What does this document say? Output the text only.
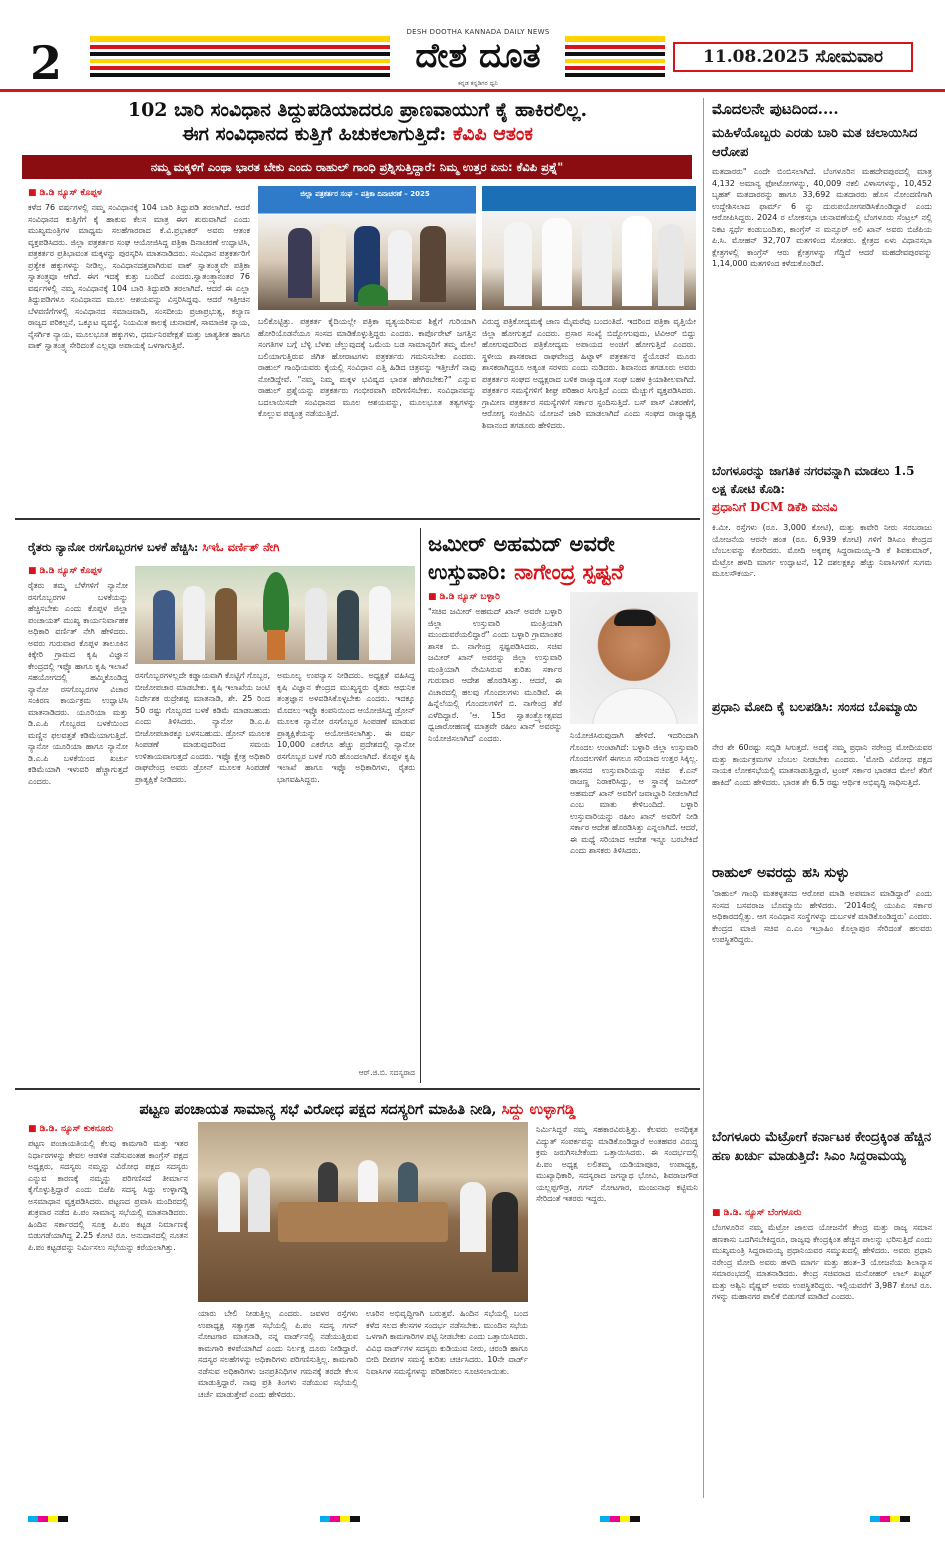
2
DESH DOOTHA KANNADA DAILY NEWS
ದೇಶ ದೂತ
ಕನ್ನಡ ಕನ್ನಡಿಗರ ಧ್ವನಿ
11.08.2025 ಸೋಮವಾರ
102 ಬಾರಿ ಸಂವಿಧಾನ ತಿದ್ದುಪಡಿಯಾದರೂ ಪ್ರಾಣವಾಯುಗೆ ಕೈ ಹಾಕಿರಲಿಲ್ಲ.
ಈಗ ಸಂವಿಧಾನದ ಕುತ್ತಿಗೆ ಹಿಚುಕಲಾಗುತ್ತಿದೆ: ಕೆವಿಪಿ ಆತಂಕ
ನಮ್ಮ ಮಕ್ಕಳಿಗೆ ಎಂಥಾ ಭಾರತ ಬೇಕು ಎಂದು ರಾಹುಲ್ ಗಾಂಧಿ ಪ್ರಶ್ನಿಸುತ್ತಿದ್ದಾರೆ: ನಿಮ್ಮ ಉತ್ತರ ಏನು: ಕೆವಿಪಿ ಪ್ರಶ್ನೆ"
■ ಡಿ.ಡಿ ನ್ಯೂಸ್ ಕೊಪ್ಪಳ
ಕಳೆದ 76 ವರ್ಷಗಳಲ್ಲಿ ನಮ್ಮ ಸಂವಿಧಾನಕ್ಕೆ 104 ಬಾರಿ ತಿದ್ದುಪಡಿ ತರಲಾಗಿದೆ. ಆದರೆ ಸಂವಿಧಾನದ ಕುತ್ತಿಗೆಗೆ ಕೈ ಹಾಕುವ ಕೆಲಸ ಮಾತ್ರ ಈಗ ಶುರುವಾಗಿದೆ ಎಂದು ಮುಖ್ಯಮಂತ್ರಿಗಳ ಮಾಧ್ಯಮ ಸಲಹೆಗಾರರಾದ ಕೆ.ವಿ.ಪ್ರಭಾಕರ್ ಅವರು ಆತಂಕ ವ್ಯಕ್ತಪಡಿಸಿದರು. ಜಿಲ್ಲಾ ಪತ್ರಕರ್ತರ ಸಂಘ ಆಯೋಜಿಸಿದ್ದ ಪತ್ರಿಕಾ ದಿನಾಚರಣೆ ಉದ್ಘಾಟಿಸಿ, ಪತ್ರಕರ್ತರ ಪ್ರತಿಭಾವಂತ ಮಕ್ಕಳನ್ನು ಪುರಸ್ಕರಿಸಿ ಮಾತನಾಡಿದರು. ಸಂವಿಧಾನ ಪತ್ರಕರ್ತರಿಗೆ ಪ್ರತ್ಯೇಕ ಹಕ್ಕುಗಳನ್ನು ನೀಡಿಲ್ಲ. ಸಂವಿಧಾನದತ್ತವಾಗಿರುವ ವಾಕ್ ಸ್ವಾತಂತ್ರ್ಯವೇ ಪತ್ರಿಕಾ ಸ್ವಾತಂತ್ರ್ಯವೂ ಆಗಿದೆ. ಈಗ ಇದಕ್ಕೆ ಕುತ್ತು ಬಂದಿದೆ ಎಂದರು.ಸ್ವಾತಂತ್ರ್ಯಾನಂತರ 76 ವರ್ಷಗಳಲ್ಲಿ ನಮ್ಮ ಸಂವಿಧಾನಕ್ಕೆ 104 ಬಾರಿ ತಿದ್ದುಪಡಿ ತರಲಾಗಿದೆ. ಆದರೆ ಈ ಎಲ್ಲಾ ತಿದ್ದುಪಡಿಗಳೂ ಸಂವಿಧಾನದ ಮೂಲ ಆಶಯವನ್ನು ವಿಸ್ತರಿಸಿದ್ದವು. ಆದರೆ ಇತ್ತೀಚಿನ ಬೆಳವಣಿಗೆಗಳಲ್ಲಿ ಸಂವಿಧಾನದ ಸಮಾಜವಾದಿ, ಸಂಸದೀಯ ಪ್ರಜಾಪ್ರಭುತ್ವ, ಕಲ್ಯಾಣ ರಾಜ್ಯದ ಪರಿಕಲ್ಪನೆ, ಒಕ್ಕೂಟ ವ್ಯವಸ್ಥೆ, ನಿಯಮಿತ ಕಾಲಕ್ಕೆ ಚುನಾವಣೆ, ಸಾಮಾಜಿಕ ನ್ಯಾಯ, ನೈಸರ್ಗಿಕ ನ್ಯಾಯ, ಮೂಲಭೂತ ಹಕ್ಕುಗಳು, ಧರ್ಮನಿರಪೇಕ್ಷತೆ ಮತ್ತು ಜಾತ್ಯತೀತ ಹಾಗೂ ವಾಕ್ ಸ್ವಾತಂತ್ರ್ಯ ಸೇರಿದಂತೆ ಎಲ್ಲವೂ ಅಪಾಯಕ್ಕೆ ಒಳಗಾಗುತ್ತಿವೆ.
ಜಿಲ್ಲಾ ಪತ್ರಕರ್ತರ ಸಂಘ – ಪತ್ರಿಕಾ ದಿನಾಚರಣೆ – 2025
ಬಲಿಕೊಟ್ಟಿತ್ತು. ಪತ್ರಕರ್ತ ಕೈದಿಯಲ್ಲೇ ಪತ್ರಿಕಾ ವ್ಯತ್ಯಯರಿಸುವ ಶಿಕ್ಷೆಗೆ ಗುರಿಯಾಗಿ ಹೋರಿಯೊಡನೆಯೂ ಸಂಸದ ಮಾಡಿಕೊಳ್ಳುತ್ತಿದ್ದರು ಎಂದರು. ಕಾರ್ಪೊರೇಟ್ ಜಗತ್ತಿನ ಸಂಗತಿಗಳ ಬಗ್ಗೆ ಬೆಳ್ಳಿ ಬೆಳಕು ಚೆಲ್ಲುವುದಕ್ಕೆ ಒಮೆಯ ಬಡ ಸಾಮಾನ್ಯರಿಗೆ ತಮ್ಮ ಮೇಲೆ ಬಲಿಯಾಗುತ್ತಿರುವ ಜಿಗಿತ ಹೋರಾಟಗಳು ಪತ್ರಕರ್ತರು ಗಮನಿಸಬೇಕು ಎಂದರು. ರಾಹುಲ್ ಗಾಂಧಿಯವರು ಕೈಯಲ್ಲಿ ಸಂವಿಧಾನ ಎತ್ತಿ ಹಿಡಿದ ಚಿತ್ರವನ್ನು ಇತ್ತೀಚೆಗೆ ನಾವು ನೋಡಿದ್ದೇವೆ. "ನಮ್ಮ ನಿಮ್ಮ ಮಕ್ಕಳ ಭವಿಷ್ಯದ ಭಾರತ ಹೇಗಿರಬೇಕು?" ಎನ್ನುವ ರಾಹುಲ್ ಪ್ರಶ್ನೆಯನ್ನು ಪತ್ರಕರ್ತರು ಗಂಭೀರವಾಗಿ ಪರಿಗಣಿಸಬೇಕು. ಸಂವಿಧಾನವನ್ನು ಬದಲಾಯಿಸದೇ ಸಂವಿಧಾನದ ಮೂಲ ಆಶಯವನ್ನು, ಮೂಲಭೂತ ತತ್ವಗಳನ್ನು ಕೊಲ್ಲುವ ಪಡ್ಯಂತ್ರ ನಡೆಯುತ್ತಿದೆ.
ವಿರುದ್ಧ ಪತ್ರಿಕೋದ್ಯಮಕ್ಕೆ ಜಾಣ ಮೈಮರೆವು ಬಂದಂತಿದೆ. ಇದರಿಂದ ಪತ್ರಿಕಾ ವೃತ್ತಿಯೇ ಜಿಲ್ಲಾ ಹೋಗುತ್ತದೆ ಎಂದರು. ಪ್ರಸಾರ ಸಂಖ್ಯೆ ಬಿದ್ದೋಗುವುದು, ಟಿವಿಆರ್ ಬಿದ್ದು ಹೋಗುವುದರಿಂದ ಪತ್ರಿಕೋದ್ಯಮ ಅಪಾಯದ ಅಂಚಿಗೆ ಹೋಗುತ್ತಿದೆ ಎಂದರು. ಸ್ಥಳೀಯ ಶಾಸಕರಾದ ರಾಘವೇಂದ್ರ ಹಿಟ್ನಾಳ್ ಪತ್ರಕರ್ತರ ಸ್ಥೆಯೊಡನೆ ಮೂರು ಶಾಸಕರಾಗಿದ್ದರೂ ಅತ್ಯಂತ ಸರಳರು ಎಂದು ನುಡಿದರು. ಶಿವಾನಂದ ತಗಡೂರು ಅವರು ಪತ್ರಕರ್ತರ ಸಂಘದ ಅಧ್ಯಕ್ಷರಾದ ಬಳಿಕ ರಾಜ್ಯಾದ್ಯಂತ ಸಂಘ ಬಹಳ ಕ್ರಿಯಾಶೀಲವಾಗಿದೆ. ಪತ್ರಕರ್ತರ ಸಮಸ್ಯೆಗಳಿಗೆ ಶೀಘ್ರ ಪರಿಹಾರ ಸಿಗುತ್ತಿದೆ ಎಂದು ಮೆಚ್ಚುಗೆ ವ್ಯಕ್ತಪಡಿಸಿದರು. ಗ್ರಾಮೀಣ ಪತ್ರಕರ್ತರ ಸಮಸ್ಯೆಗಳಿಗೆ ಸರ್ಕಾರ ಸ್ಪಂದಿಸುತ್ತಿದೆ. ಬಸ್ ಪಾಸ್ ವಿತರಣೆಗೆ, ಆರೋಗ್ಯ ಸಂಜೀವಿನಿ ಯೋಜನೆ ಜಾರಿ ಮಾಡಲಾಗಿದೆ ಎಂದು ಸಂಘದ ರಾಜ್ಯಾಧ್ಯಕ್ಷ ಶಿವಾನಂದ ತಗಡೂರು ಹೇಳಿದರು.
ರೈತರು ನ್ಯಾನೋ ರಸಗೊಬ್ಬರಗಳ ಬಳಕೆ ಹೆಚ್ಚಿಸಿ: ಸಿಇಓ ವರ್ಣಿತ್ ನೇಗಿ
■ ಡಿ.ಡಿ ನ್ಯೂಸ್ ಕೊಪ್ಪಳ
ರೈತರು ತಮ್ಮ ಬೆಳೆಗಳಿಗೆ ನ್ಯಾನೋ ರಸಗೊಬ್ಬರಗಳ ಬಳಕೆಯನ್ನು ಹೆಚ್ಚಿಸಬೇಕು ಎಂದು ಕೊಪ್ಪಳ ಜಿಲ್ಲಾ ಪಂಚಾಯತ್ ಮುಖ್ಯ ಕಾರ್ಯನಿರ್ವಾಹಕ ಅಧಿಕಾರಿ ವರ್ಣಿತ್ ನೇಗಿ ಹೇಳಿದರು. ಅವರು ಗುರುವಾರ ಕೊಪ್ಪಳ ತಾಲೂಕಿನ ಕಿಕ್ಕೇರಿ ಗ್ರಾಮದ ಕೃಷಿ ವಿಜ್ಞಾನ ಕೇಂದ್ರದಲ್ಲಿ ಇಫ್ಕೊ ಹಾಗೂ ಕೃಷಿ ಇಲಾಖೆ ಸಹಯೋಗದಲ್ಲಿ ಹಮ್ಮಿಕೊಂಡಿದ್ದ ನ್ಯಾನೋ ರಸಗೊಬ್ಬರಗಳ ವಿಚಾರ ಸಂಕಿರಣ ಕಾರ್ಯಕ್ರಮ ಉದ್ಘಾಟಿಸಿ ಮಾತನಾಡಿದರು. ಯೂರಿಯಾ ಮತ್ತು ಡಿ.ಎ.ಪಿ ಗೊಬ್ಬರದ ಬಳಕೆಯಿಂದ ಮಣ್ಣಿನ ಫಲವತ್ತತೆ ಕಡಿಮೆಯಾಗುತ್ತಿದೆ. ನ್ಯಾನೋ ಯೂರಿಯಾ ಹಾಗೂ ನ್ಯಾನೋ ಡಿ.ಎ.ಪಿ ಬಳಕೆಯಿಂದ ಖರ್ಚು ಕಡಿಮೆಯಾಗಿ ಇಳುವರಿ ಹೆಚ್ಚಾಗುತ್ತದೆ ಎಂದರು.
ರಸಗೊಬ್ಬರಗಳಲ್ಲದೇ ಕಡ್ಡಾಯವಾಗಿ ಕೊಟ್ಟಿಗೆ ಗೊಬ್ಬರ, ಬೀಜೋಪಚಾರ ಮಾಡಬೇಕು. ಕೃಷಿ ಇಲಾಖೆಯ ಜಂಟಿ ನಿರ್ದೇಶಕ ರುದ್ರೇಶಪ್ಪ ಮಾತನಾಡಿ, ಶೇ. 25 ರಿಂದ 50 ರಷ್ಟು ಗೊಬ್ಬರದ ಬಳಕೆ ಕಡಿಮೆ ಮಾಡಬಹುದು ಎಂದು ತಿಳಿಸಿದರು. ನ್ಯಾನೋ ಡಿ.ಎ.ಪಿ ಬೀಜೋಪಚಾರಕ್ಕೂ ಬಳಸಬಹುದು. ಡ್ರೋನ್ ಮೂಲಕ ಸಿಂಪಡಣೆ ಮಾಡುವುದರಿಂದ ಸಮಯ ಉಳಿತಾಯವಾಗುತ್ತದೆ ಎಂದರು. ಇಫ್ಕೊ ಕ್ಷೇತ್ರ ಅಧಿಕಾರಿ ರಾಘವೇಂದ್ರ ಅವರು ಡ್ರೋನ್ ಮೂಲಕ ಸಿಂಪಡಣೆ ಪ್ರಾತ್ಯಕ್ಷಿಕೆ ನೀಡಿದರು.
ಅಮೂಲ್ಯ ಉಪನ್ಯಾಸ ನೀಡಿದರು. ಅಧ್ಯಕ್ಷತೆ ವಹಿಸಿದ್ದ ಕೃಷಿ ವಿಜ್ಞಾನ ಕೇಂದ್ರದ ಮುಖ್ಯಸ್ಥರು ರೈತರು ಆಧುನಿಕ ತಂತ್ರಜ್ಞಾನ ಅಳವಡಿಸಿಕೊಳ್ಳಬೇಕು ಎಂದರು. ಇದಕ್ಕೂ ಮೊದಲು ಇಫ್ಕೊ ಕಂಪನಿಯಿಂದ ಆಯೋಜಿಸಿದ್ದ ಡ್ರೋನ್ ಮೂಲಕ ನ್ಯಾನೋ ರಸಗೊಬ್ಬರ ಸಿಂಪಡಣೆ ಮಾಡುವ ಪ್ರಾತ್ಯಕ್ಷಿಕೆಯನ್ನು ಆಯೋಜಿಸಲಾಗಿತ್ತು. ಈ ವರ್ಷ 10,000 ಎಕರೆಗೂ ಹೆಚ್ಚು ಪ್ರದೇಶದಲ್ಲಿ ನ್ಯಾನೋ ರಸಗೊಬ್ಬರ ಬಳಕೆ ಗುರಿ ಹೊಂದಲಾಗಿದೆ. ಕೊಪ್ಪಳ ಕೃಷಿ ಇಲಾಖೆ ಹಾಗೂ ಇಫ್ಕೊ ಅಧಿಕಾರಿಗಳು, ರೈತರು ಭಾಗವಹಿಸಿದ್ದರು.
ಆರ್.ಜಿ.ಬಿ. ಸದಸ್ಯರಾದ
ಜಮೀರ್ ಅಹಮದ್ ಅವರೇ
ಉಸ್ತುವಾರಿ: ನಾಗೇಂದ್ರ ಸ್ಪಷ್ಟನೆ
■ ಡಿ.ಡಿ ನ್ಯೂಸ್ ಬಳ್ಳಾರಿ
"ಸಚಿವ ಜಮೀರ್ ಅಹಮದ್ ಖಾನ್ ಅವರೇ ಬಳ್ಳಾರಿ ಜಿಲ್ಲಾ ಉಸ್ತುವಾರಿ ಮಂತ್ರಿಯಾಗಿ ಮುಂದುವರೆಯಲಿದ್ದಾರೆ" ಎಂದು ಬಳ್ಳಾರಿ ಗ್ರಾಮಾಂತರ ಶಾಸಕ ಬಿ. ನಾಗೇಂದ್ರ ಸ್ಪಷ್ಟಪಡಿಸಿದರು. ಸಚಿವ ಜಮೀರ್ ಖಾನ್ ಅವರನ್ನು ಜಿಲ್ಲಾ ಉಸ್ತುವಾರಿ ಮಂತ್ರಿಯಾಗಿ ನೇಮಿಸಿರುವ ಕುರಿತು ಸರ್ಕಾರ ಗುರುವಾರ ಆದೇಶ ಹೊರಡಿಸಿತ್ತು. ಆದರೆ, ಈ ವಿಚಾರದಲ್ಲಿ ಹಲವು ಗೊಂದಲಗಳು ಮೂಡಿವೆ. ಈ ಹಿನ್ನೆಲೆಯಲ್ಲಿ ಗೊಂದಲಗಳಿಗೆ ಬಿ. ನಾಗೇಂದ್ರ ತೆರೆ ಎಳೆದಿದ್ದಾರೆ. 'ಆ. 15ರ ಸ್ವಾತಂತ್ರ್ಯೋತ್ಸವದ ಧ್ವಜಾರೋಹಣಕ್ಕೆ ಮಾತ್ರವೇ ರಹೀಂ ಖಾನ್ ಅವರನ್ನು ನಿಯೋಜಿಸಲಾಗಿದೆ' ಎಂದರು.	ನಿಯೋಜಿಸಿರುವುದಾಗಿ ಹೇಳಿದೆ. ಇದರಿಂದಾಗಿ ಗೊಂದಲ ಉಂಟಾಗಿದೆ: ಬಳ್ಳಾರಿ ಜಿಲ್ಲಾ ಉಸ್ತುವಾರಿ ಗೊಂದಲಗಳಿಗೆ ಈಗಲೂ ಸರಿಯಾದ ಉತ್ತರ ಸಿಕ್ಕಿಲ್ಲ. ಹಾಸನದ ಉಸ್ತುವಾರಿಯನ್ನು ಸಚಿವ ಕೆ.ಎನ್ ರಾಜಣ್ಣ ನಿರಾಕರಿಸಿದ್ದು, ಆ ಸ್ಥಾನಕ್ಕೆ ಜಮೀರ್ ಅಹಮದ್ ಖಾನ್ ಅವರಿಗೆ ಜವಾಬ್ದಾರಿ ನೀಡಲಾಗಿದೆ ಎಂಬ ಮಾತು ಕೇಳಿಬಂದಿದೆ. ಬಳ್ಳಾರಿ ಉಸ್ತುವಾರಿಯನ್ನು ರಹೀಂ ಖಾನ್ ಅವರಿಗೆ ನೀಡಿ ಸರ್ಕಾರ ಆದೇಶ ಹೊರಡಿಸಿತ್ತು ಎನ್ನಲಾಗಿದೆ. ಆದರೆ, ಈ ಮಧ್ಯೆ ಸರಿಯಾದ ಆದೇಶ ಇನ್ನೂ ಬರಬೇಕಿದೆ ಎಂದು ಶಾಸಕರು ತಿಳಿಸಿದರು.
ಪಟ್ಟಣ ಪಂಚಾಯತ ಸಾಮಾನ್ಯ ಸಭೆ ವಿರೋಧ ಪಕ್ಷದ ಸದಸ್ಯರಿಗೆ ಮಾಹಿತಿ ನೀಡಿ, ಸಿದ್ದು ಉಳ್ಳಾಗಡ್ಡಿ
■ ಡಿ.ಡಿ. ನ್ಯೂಸ್ ಕುಕನೂರು
ಪಟ್ಟಣ ಪಂಚಾಯತಿಯಲ್ಲಿ ಕೆಲವು ಕಾಮಗಾರಿ ಮತ್ತು ಇತರ ನಿರ್ಧಾರಗಳನ್ನು ಕೇವಲ ಆಡಳಿತ ನಡೆಸುವಂತಹ ಕಾಂಗ್ರೆಸ್ ಪಕ್ಷದ ಅಧ್ಯಕ್ಷರು, ಸದಸ್ಯರು ನಮ್ಮನ್ನು ವಿರೋಧ ಪಕ್ಷದ ಸದಸ್ಯರು ಎನ್ನುವ ಕಾರಣಕ್ಕೆ ನಮ್ಮನ್ನು ಪರಿಗಣಿಸದೆ ತೀರ್ಮಾನ ಕೈಗೊಳ್ಳುತ್ತಿದ್ದಾರೆ ಎಂದು ಬಿಜೆಪಿ ಸದಸ್ಯ ಸಿದ್ದು ಉಳ್ಳಾಗಡ್ಡಿ ಅಸಮಾಧಾನ ವ್ಯಕ್ತಪಡಿಸಿದರು. ಪಟ್ಟಣದ ಪ್ರವಾಸಿ ಮಂದಿರದಲ್ಲಿ ಶುಕ್ರವಾರ ನಡೆದ ಪಿ.ಪಂ ಸಾಮಾನ್ಯ ಸಭೆಯಲ್ಲಿ ಮಾತನಾಡಿದರು. ಹಿಂದಿನ ಸರ್ಕಾರದಲ್ಲಿ ಸೂಕ್ತ ಪಿ.ಪಂ ಕಟ್ಟಡ ನಿರ್ಮಾಣಕ್ಕೆ ಬಿಡುಗಡೆಯಾಗಿದ್ದ 2.25 ಕೋಟಿ ರೂ. ಅನುದಾನದಲ್ಲಿ ನೂತನ ಪಿ.ಪಂ ಕಟ್ಟಡವನ್ನು ನಿರ್ಮಿಸಲು ಸಭೆಯನ್ನು ಕರೆಯಲಾಗಿತ್ತು.
ಯಾರು ಬೇಲಿ ನೀಡುತ್ತಿಲ್ಲ ಎಂದರು. ಜವಳರ ರಸ್ತೆಗಳು ಉಪಾಧ್ಯಕ್ಷ ಸತ್ಯಾಗ್ರಹ ಸಭೆಯಲ್ಲಿ ಪಿ.ಪಂ ಸದಸ್ಯ ಗಗನ್ ನೋಟಗಾರ ಮಾತನಾಡಿ, ನನ್ನ ವಾರ್ಡ್‌ನಲ್ಲಿ ನಡೆಯುತ್ತಿರುವ ಕಾಮಗಾರಿ ಕಳಪೆಯಾಗಿದೆ ಎಂದು ನಿರ್ಲಕ್ಷ ದೂರು ನೀಡಿದ್ದಾರೆ. ಸದಸ್ಯರ ಸಲಹೆಗಳನ್ನು ಅಧಿಕಾರಿಗಳು ಪರಿಗಣಿಸುತ್ತಿಲ್ಲ. ಕಾಮಗಾರಿ ನಡೆಸುವ ಅಧಿಕಾರಿಗಳು ಜನಪ್ರತಿನಿಧಿಗಳ ಗಮನಕ್ಕೆ ತರದೇ ಕೆಲಸ ಮಾಡುತ್ತಿದ್ದಾರೆ. ನಾವು ಪ್ರತಿ ತಿಂಗಳು ನಡೆಯುವ ಸಭೆಯಲ್ಲಿ ಚರ್ಚೆ ಮಾಡುತ್ತೇವೆ ಎಂದು ಹೇಳಿದರು.
ಊರಿನ ಅಭಿವೃದ್ಧಿಗಾಗಿ ಬರುತ್ತವೆ. ಹಿಂದಿನ ಸಭೆಯಲ್ಲಿ ಬಂದ ಕಳೆದ ಸಲದ ಕೆಲಸಗಳ ಸಂದರ್ಭ ನಡೆಸಬೇಕು. ಮುಂದಿನ ಸಭೆಯ ಒಳಗಾಗಿ ಕಾಮಗಾರಿಗಳ ಪಟ್ಟಿ ನೀಡಬೇಕು ಎಂದು ಒತ್ತಾಯಿಸಿದರು. ವಿವಿಧ ವಾರ್ಡ್‌ಗಳ ಸದಸ್ಯರು ಕುಡಿಯುವ ನೀರು, ಚರಂಡಿ ಹಾಗೂ ಬೀದಿ ದೀಪಗಳ ಸಮಸ್ಯೆ ಕುರಿತು ಚರ್ಚಿಸಿದರು. 10ನೇ ವಾರ್ಡ್ ನಿವಾಸಿಗಳ ಸಮಸ್ಯೆಗಳನ್ನು ಪರಿಹರಿಸಲು ಸೂಚಿಸಲಾಯಿತು.
ನಿರ್ಮಿಸಿದ್ದರೆ ನಮ್ಮ ಸಹಕಾರವಿರುತ್ತಿತ್ತು. ಕೆಲವರು ಅನಧಿಕೃತ ವಿದ್ಯುತ್ ಸಂಪರ್ಕವನ್ನು ಮಾಡಿಕೊಂಡಿದ್ದಾರೆ ಅಂತಹವರ ವಿರುದ್ಧ ಕ್ರಮ ಜರುಗಿಸಬೇಕೆಂದು ಒತ್ತಾಯಿಸಿದರು. ಈ ಸಂದರ್ಭದಲ್ಲಿ ಪಿ.ಪಂ ಅಧ್ಯಕ್ಷ ಲಲಿತಮ್ಮ ಯಡಿಯಾಪೂರ, ಉಪಾಧ್ಯಕ್ಷ, ಮುಖ್ಯಾಧಿಕಾರಿ, ಸದಸ್ಯರಾದ ಜಗನ್ನಾಥ ಭೋವಿ, ಶಿವರಾಜಗೌಡ ಯಲ್ಲಪ್ಪಗೌಡ್ರ, ಗಗನ್ ನೋಟಗಾರ, ಮಂಜುನಾಥ ಕಟ್ಟಿಮನಿ ಸೇರಿದಂತೆ ಇತರರು ಇದ್ದರು.
ಮೊದಲನೇ ಪುಟದಿಂದ....
ಮಹಿಳೆಯೊಬ್ಬರು ಎರಡು ಬಾರಿ ಮತ ಚಲಾಯಿಸಿದ ಆರೋಪ
ಮತದಾರರು" ಎಂದೇ ಬಿಂಬಿಸಲಾಗಿದೆ. ಬೆಂಗಳೂರಿನ ಮಹದೇವಪುರದಲ್ಲಿ ಮಾತ್ರ 4,132 ಅಮಾನ್ಯ ಫೋಟೋಗಳನ್ನು, 40,009 ನಕಲಿ ವಿಳಾಸಗಳನ್ನು, 10,452 ಬೃಹತ್ ಮತದಾರರನ್ನು ಹಾಗೂ 33,692 ಮತದಾರರು ಹೊಸ ನೋಂದಣಿಗಾಗಿ ಉದ್ದೇಶಿಸಲಾದ ಫಾರ್ಮ್ 6 ನ್ನು ದುರುಪಯೋಗಪಡಿಸಿಕೊಂಡಿದ್ದಾರೆ ಎಂದು ಆರೋಪಿಸಿದ್ದರು. 2024 ರ ಲೋಕಸಭಾ ಚುನಾವಣೆಯಲ್ಲಿ ಬೆಂಗಳೂರು ಸೆಂಟ್ರಲ್ ನಲ್ಲಿ ನಿಕಟ ಸ್ಪರ್ಧೆ ಕಂಡುಬಂದಿತು, ಕಾಂಗ್ರೆಸ್ ನ ಮನ್ಸೂರ್ ಅಲಿ ಖಾನ್ ಅವರು ಬಿಜೆಪಿಯ ಪಿ.ಸಿ. ಮೋಹನ್ 32,707 ಮತಗಳಿಂದ ಸೋತರು. ಕ್ಷೇತ್ರದ ಏಳು ವಿಧಾನಸಭಾ ಕ್ಷೇತ್ರಗಳಲ್ಲಿ ಕಾಂಗ್ರೆಸ್ ಆರು ಕ್ಷೇತ್ರಗಳನ್ನು ಗೆದ್ದಿದೆ ಆದರೆ ಮಹದೇವಪುರವನ್ನು 1,14,000 ಮತಗಳಿಂದ ಕಳೆದುಕೊಂಡಿದೆ.
ಬೆಂಗಳೂರನ್ನು ಜಾಗತಿಕ ನಗರವನ್ನಾಗಿ ಮಾಡಲು 1.5 ಲಕ್ಷ ಕೋಟಿ ಕೊಡಿ:
ಪ್ರಧಾನಿಗೆ DCM ಡಿಕೆಶಿ ಮನವಿ
ಕಿ.ಮೀ. ರಸ್ತೆಗಳು (ರೂ. 3,000 ಕೋಟಿ), ಮತ್ತು ಕಾವೇರಿ ನೀರು ಸರಬರಾಜು ಯೋಜನೆಯ ಆರನೇ ಹಂತ (ರೂ. 6,939 ಕೋಟಿ) ಗಳಿಗೆ ಡಿಸಿಎಂ ಕೇಂದ್ರದ ಬೆಂಬಲವನ್ನು ಕೋರಿದರು. ಮೋದಿ ಅಕ್ಕಪಕ್ಕ ಸಿದ್ದರಾಮಯ್ಯ–ಡಿ ಕೆ ಶಿವಕುಮಾರ್, ಮೆಟ್ರೋ ಹಳದಿ ಮಾರ್ಗ ಉದ್ಘಾಟನೆ, 12 ದಶಲಕ್ಷಕ್ಕೂ ಹೆಚ್ಚು ನಿವಾಸಿಗಳಿಗೆ ಸುಗಮ ಮೂಲಸೌಕರ್ಯ.
ಪ್ರಧಾನಿ ಮೋದಿ ಕೈ ಬಲಪಡಿಸಿ: ಸಂಸದ ಬೊಮ್ಮಾಯಿ
ನೇರ ಶೇ 60ರಷ್ಟು ಸಬ್ಸಿಡಿ ಸಿಗುತ್ತದೆ. ಅದಕ್ಕೆ ನಮ್ಮ ಪ್ರಧಾನಿ ನರೇಂದ್ರ ಮೋದಿಯವರ ಮತ್ತು ಕಾರ್ಯಕ್ರಮಗಳ ಬೆಂಬಲ ನೀಡಬೇಕು ಎಂದರು. 'ಮೋದಿ ವಿರೋಧ ಪಕ್ಷದ ನಾಯಕ ಲೋಕಸಭೆಯಲ್ಲಿ ಮಾತನಾಡುತ್ತಿದ್ದಾರೆ, ಟ್ರಂಪ್ ಸರ್ಕಾರ ಭಾರತದ ಮೇಲೆ ತೆರಿಗೆ ಹಾಕಿದೆ' ಎಂದು ಹೇಳಿದರು. ಭಾರತ ಶೇ 6.5 ರಷ್ಟು ಆರ್ಥಿಕ ಅಭಿವೃದ್ಧಿ ಸಾಧಿಸುತ್ತಿದೆ.
ರಾಹುಲ್ ಅವರದ್ದು ಹಸಿ ಸುಳ್ಳು
'ರಾಹುಲ್ ಗಾಂಧಿ ಮತಕಳ್ಳತನದ ಆರೋಪ ಮಾಡಿ ಅಪಮಾನ ಮಾಡಿದ್ದಾರೆ' ಎಂದು ಸಂಸದ ಬಸವರಾಜ ಬೊಮ್ಮಾಯಿ ಹೇಳಿದರು. '2014ರಲ್ಲಿ ಯುಪಿಎ ಸರ್ಕಾರ ಅಧಿಕಾರದಲ್ಲಿತ್ತು. ಆಗ ಸಂವಿಧಾನ ಸಂಸ್ಥೆಗಳನ್ನು ದುರ್ಬಳಕೆ ಮಾಡಿಕೊಂಡಿದ್ದರು' ಎಂದರು. ಕೇಂದ್ರದ ಮಾಜಿ ಸಚಿವ ಎ.ಎಂ ಇಬ್ರಾಹಿಂ ಕೊಲ್ಲಾಪುರ ಸೇರಿದಂತೆ ಹಲವರು ಉಪಸ್ಥಿತರಿದ್ದರು.
ಬೆಂಗಳೂರು ಮೆಟ್ರೋಗೆ ಕರ್ನಾಟಕ ಕೇಂದ್ರಕ್ಕಿಂತ ಹೆಚ್ಚಿನ ಹಣ ಖರ್ಚು ಮಾಡುತ್ತಿದೆ: ಸಿಎಂ ಸಿದ್ದರಾಮಯ್ಯ
■ ಡಿ.ಡಿ. ನ್ಯೂಸ್ ಬೆಂಗಳೂರು
ಬೆಂಗಳೂರಿನ ನಮ್ಮ ಮೆಟ್ರೋ ಜಾಲದ ಯೋಜನೆಗೆ ಕೇಂದ್ರ ಮತ್ತು ರಾಜ್ಯ ಸಮಾನ ಹಣಕಾಸು ಒದಗಿಸಬೇಕಿದ್ದರೂ, ರಾಜ್ಯವು ಕೇಂದ್ರಕ್ಕಿಂತ ಹೆಚ್ಚಿನ ಪಾಲನ್ನು ಭರಿಸುತ್ತಿದೆ ಎಂದು ಮುಖ್ಯಮಂತ್ರಿ ಸಿದ್ದರಾಮಯ್ಯ ಪ್ರಧಾನಿಯವರ ಸಮ್ಮುಖದಲ್ಲಿ ಹೇಳಿದರು. ಅವರು ಪ್ರಧಾನಿ ನರೇಂದ್ರ ಮೋದಿ ಅವರು ಹಳದಿ ಮಾರ್ಗ ಮತ್ತು ಹಂತ–3 ಯೋಜನೆಯ ಶಿಲಾನ್ಯಾಸ ಸಮಾರಂಭದಲ್ಲಿ ಮಾತನಾಡಿದರು. ಕೇಂದ್ರ ಸಚಿವರಾದ ಮನೋಹರ್ ಲಾಲ್ ಖಟ್ಟರ್ ಮತ್ತು ಅಶ್ವಿನಿ ವೈಷ್ಣವ್ ಅವರು ಉಪಸ್ಥಿತರಿದ್ದರು. ಇಲ್ಲಿಯವರೆಗೆ 3,987 ಕೋಟಿ ರೂ. ಗಳನ್ನು ಮಹಾನಗರ ಪಾಲಿಕೆ ಬಿಡುಗಡೆ ಮಾಡಿದೆ ಎಂದರು.
